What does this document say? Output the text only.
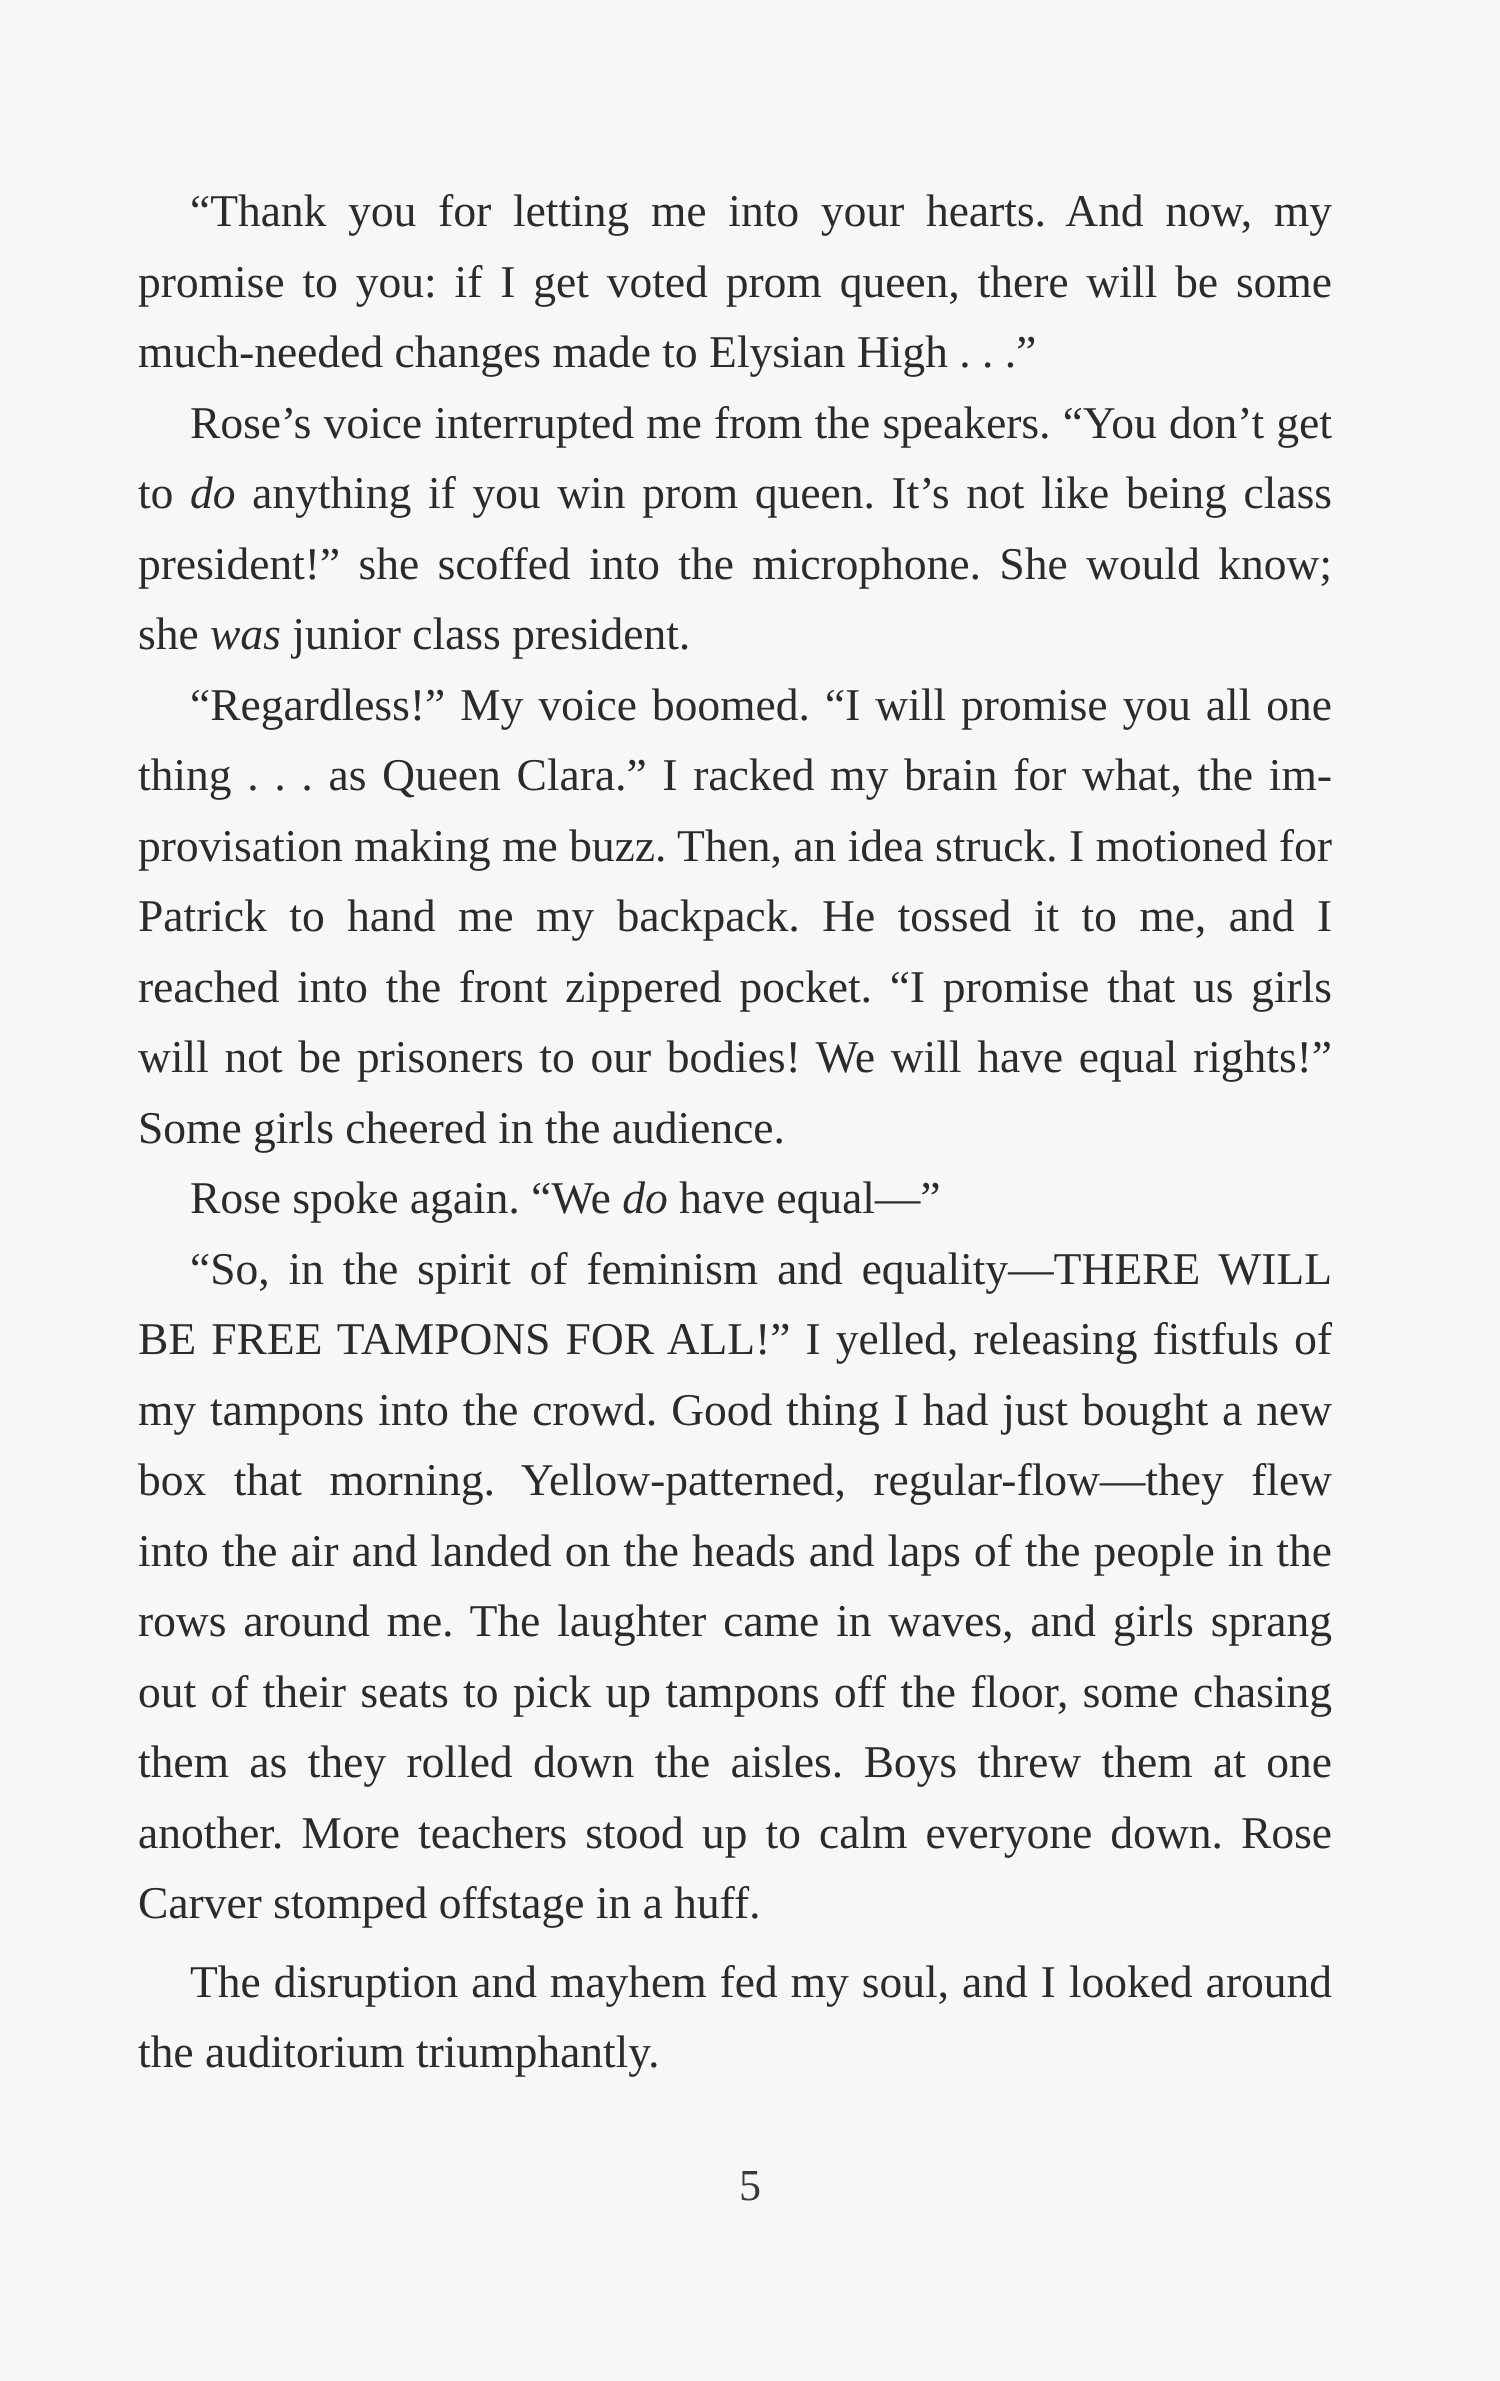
“Thank you for letting me into your hearts. And now, my promise to you: if I get voted prom queen, there will be some much-needed changes made to Elysian High . . .”

Rose’s voice interrupted me from the speakers. “You don’t get to do anything if you win prom queen. It’s not like being class president!” she scoffed into the microphone. She would know; she was junior class president.

“Regardless!” My voice boomed. “I will promise you all one thing . . . as Queen Clara.” I racked my brain for what, the improvisation making me buzz. Then, an idea struck. I motioned for Patrick to hand me my backpack. He tossed it to me, and I reached into the front zippered pocket. “I promise that us girls will not be prisoners to our bodies! We will have equal rights!” Some girls cheered in the audience.

Rose spoke again. “We do have equal—”

“So, in the spirit of feminism and equality—THERE WILL BE FREE TAMPONS FOR ALL!” I yelled, releasing fistfuls of my tampons into the crowd. Good thing I had just bought a new box that morning. Yellow-patterned, regular-flow—they flew into the air and landed on the heads and laps of the people in the rows around me. The laughter came in waves, and girls sprang out of their seats to pick up tampons off the floor, some chasing them as they rolled down the aisles. Boys threw them at one another. More teachers stood up to calm everyone down. Rose Carver stomped offstage in a huff.

The disruption and mayhem fed my soul, and I looked around the auditorium triumphantly.

5
